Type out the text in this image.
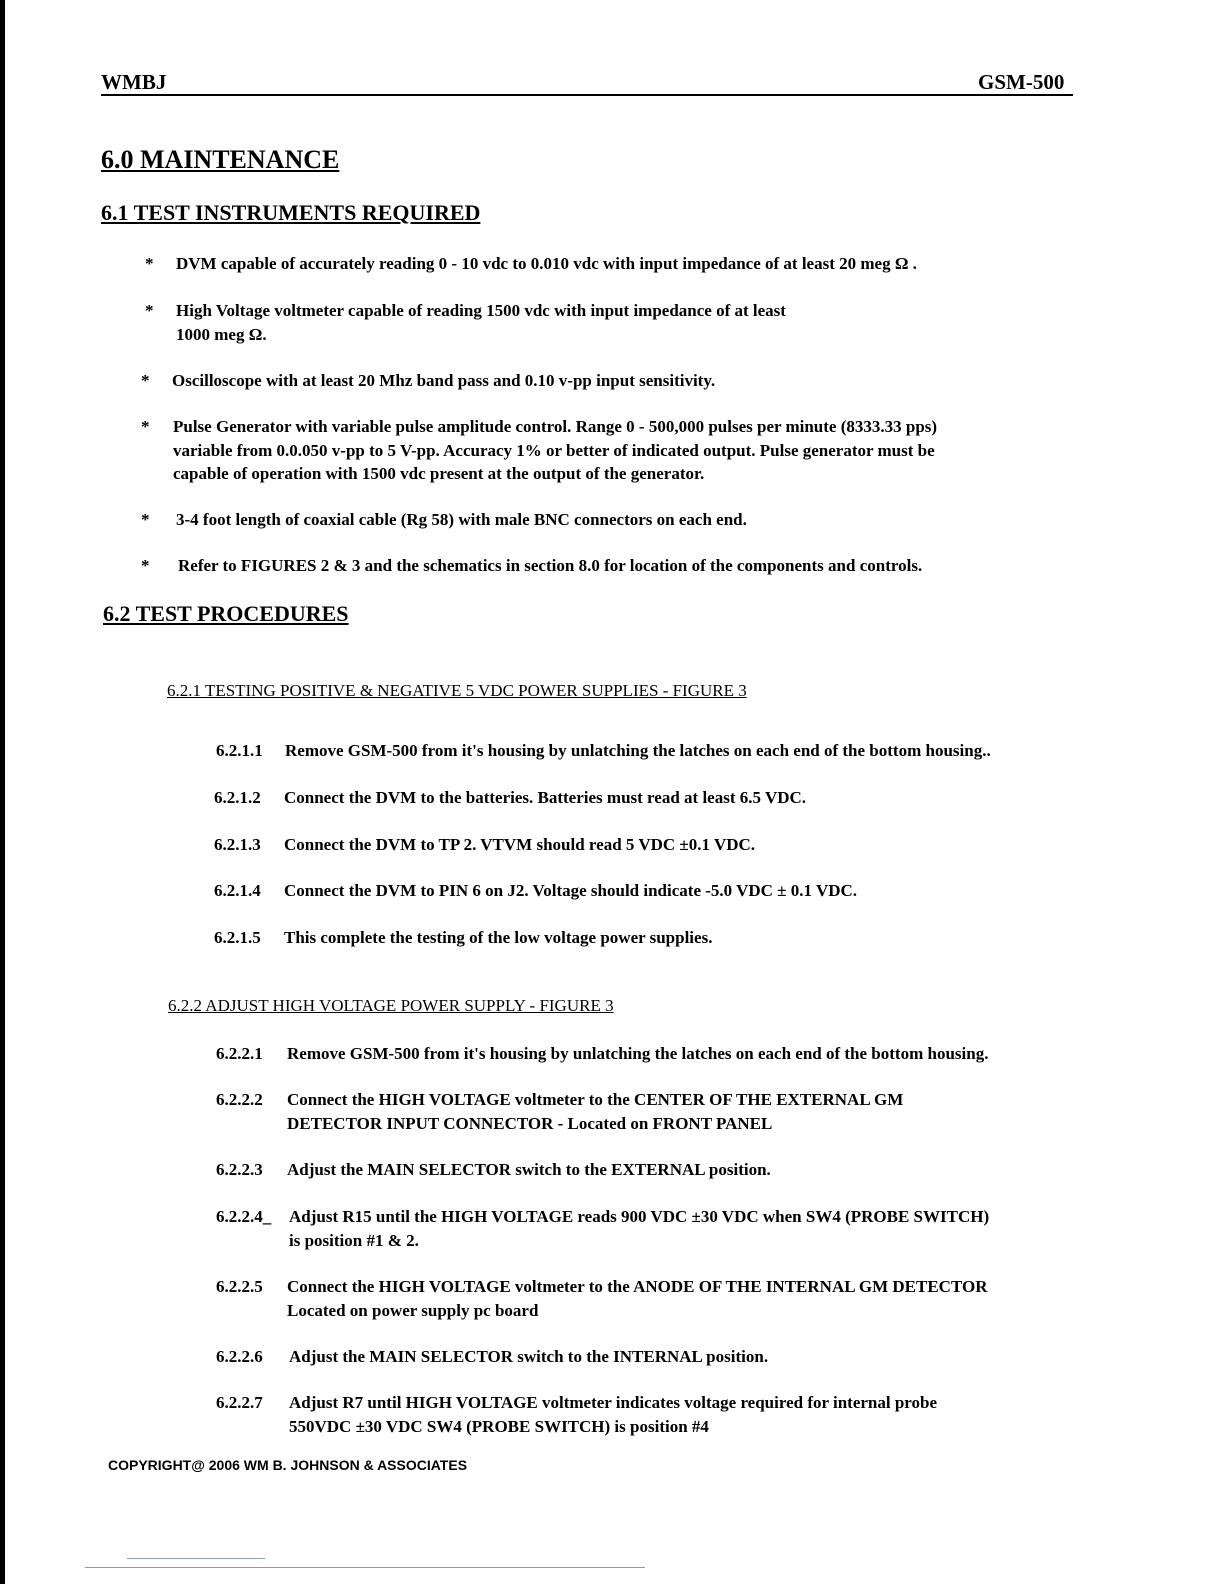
WMBJ	GSM-500
6.0 MAINTENANCE
6.1 TEST INSTRUMENTS REQUIRED
* DVM capable of accurately reading 0 - 10 vdc to 0.010 vdc with input impedance of at least 20 meg Ω .
* High Voltage voltmeter capable of reading 1500 vdc with input impedance of at least
1000 meg Ω.
* Oscilloscope with at least 20 Mhz band pass and 0.10 v-pp input sensitivity.
* Pulse Generator with variable pulse amplitude control. Range 0 - 500,000 pulses per minute (8333.33 pps)
variable from 0.0.050 v-pp to 5 V-pp. Accuracy 1% or better of indicated output. Pulse generator must be
capable of operation with 1500 vdc present at the output of the generator.
* 3-4 foot length of coaxial cable (Rg 58) with male BNC connectors on each end.
* Refer to FIGURES 2 & 3 and the schematics in section 8.0 for location of the components and controls.
6.2 TEST PROCEDURES
6.2.1 TESTING POSITIVE & NEGATIVE 5 VDC POWER SUPPLIES - FIGURE 3
6.2.1.1 Remove GSM-500 from it's housing by unlatching the latches on each end of the bottom housing..
6.2.1.2 Connect the DVM to the batteries. Batteries must read at least 6.5 VDC.
6.2.1.3 Connect the DVM to TP 2. VTVM should read 5 VDC ±0.1 VDC.
6.2.1.4 Connect the DVM to PIN 6 on J2. Voltage should indicate -5.0 VDC ± 0.1 VDC.
6.2.1.5 This complete the testing of the low voltage power supplies.
6.2.2 ADJUST HIGH VOLTAGE POWER SUPPLY - FIGURE 3
6.2.2.1 Remove GSM-500 from it's housing by unlatching the latches on each end of the bottom housing.
6.2.2.2 Connect the HIGH VOLTAGE voltmeter to the CENTER OF THE EXTERNAL GM
DETECTOR INPUT CONNECTOR - Located on FRONT PANEL
6.2.2.3 Adjust the MAIN SELECTOR switch to the EXTERNAL position.
6.2.2.4_ Adjust R15 until the HIGH VOLTAGE reads 900 VDC ±30 VDC when SW4 (PROBE SWITCH)
is position #1 & 2.
6.2.2.5 Connect the HIGH VOLTAGE voltmeter to the ANODE OF THE INTERNAL GM DETECTOR
Located on power supply pc board
6.2.2.6 Adjust the MAIN SELECTOR switch to the INTERNAL position.
6.2.2.7 Adjust R7 until HIGH VOLTAGE voltmeter indicates voltage required for internal probe
550VDC ±30 VDC SW4 (PROBE SWITCH) is position #4
COPYRIGHT@ 2006 WM B. JOHNSON & ASSOCIATES
